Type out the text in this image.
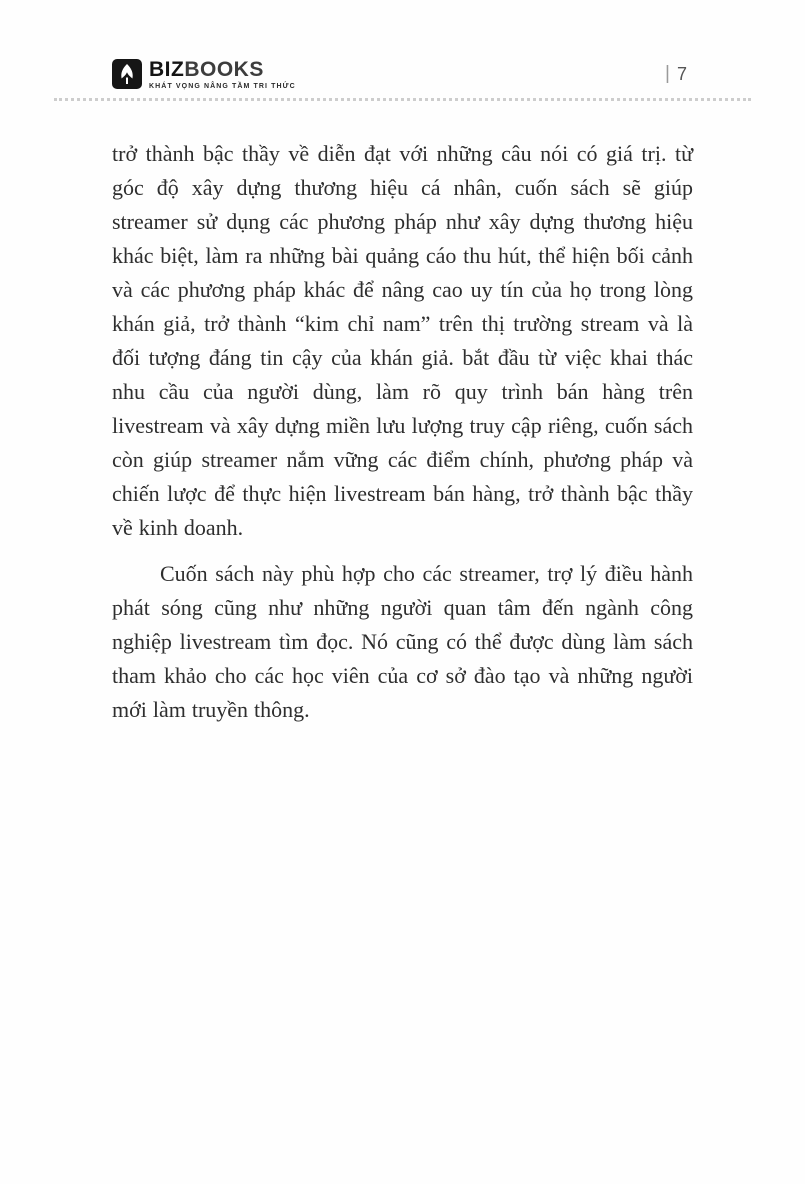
BIZBOOKS
KHÁT VỌNG NÂNG TẦM TRI THỨC
| 7

trở thành bậc thầy về diễn đạt với những câu nói có giá trị. từ góc độ xây dựng thương hiệu cá nhân, cuốn sách sẽ giúp streamer sử dụng các phương pháp như xây dựng thương hiệu khác biệt, làm ra những bài quảng cáo thu hút, thể hiện bối cảnh và các phương pháp khác để nâng cao uy tín của họ trong lòng khán giả, trở thành “kim chỉ nam” trên thị trường stream và là đối tượng đáng tin cậy của khán giả. bắt đầu từ việc khai thác nhu cầu của người dùng, làm rõ quy trình bán hàng trên livestream và xây dựng miền lưu lượng truy cập riêng, cuốn sách còn giúp streamer nắm vững các điểm chính, phương pháp và chiến lược để thực hiện livestream bán hàng, trở thành bậc thầy về kinh doanh.

Cuốn sách này phù hợp cho các streamer, trợ lý điều hành phát sóng cũng như những người quan tâm đến ngành công nghiệp livestream tìm đọc. Nó cũng có thể được dùng làm sách tham khảo cho các học viên của cơ sở đào tạo và những người mới làm truyền thông.
